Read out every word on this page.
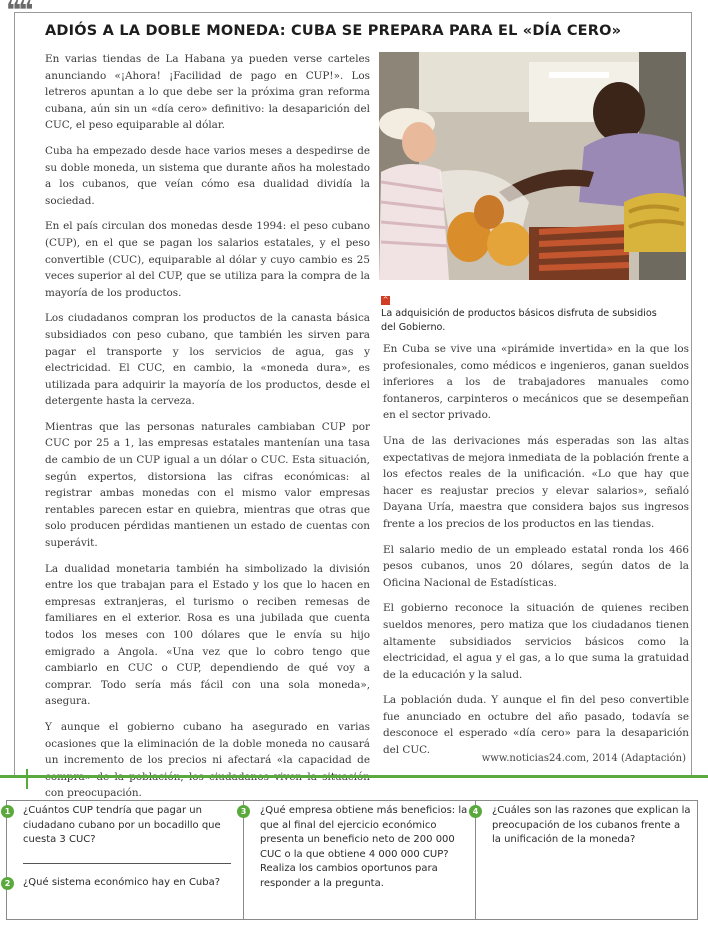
❝❝
ADIÓS A LA DOBLE MONEDA: CUBA SE PREPARA PARA EL «DÍA CERO»

En varias tiendas de La Habana ya pueden verse carteles anunciando «¡Ahora! ¡Facilidad de pago en CUP!». Los letreros apuntan a lo que debe ser la próxima gran reforma cubana, aún sin un «día cero» definitivo: la desaparición del CUC, el peso equiparable al dólar.

Cuba ha empezado desde hace varios meses a despedirse de su doble moneda, un sistema que durante años ha molestado a los cubanos, que veían cómo esa dualidad dividía la sociedad.

En el país circulan dos monedas desde 1994: el peso cubano (CUP), en el que se pagan los salarios estatales, y el peso convertible (CUC), equiparable al dólar y cuyo cambio es 25 veces superior al del CUP, que se utiliza para la compra de la mayoría de los productos.

Los ciudadanos compran los productos de la canasta básica subsidiados con peso cubano, que también les sirven para pagar el transporte y los servicios de agua, gas y electricidad. El CUC, en cambio, la «moneda dura», es utilizada para adquirir la mayoría de los productos, desde el detergente hasta la cerveza.

Mientras que las personas naturales cambiaban CUP por CUC por 25 a 1, las empresas estatales mantenían una tasa de cambio de un CUP igual a un dólar o CUC. Esta situación, según expertos, distorsiona las cifras económicas: al registrar ambas monedas con el mismo valor empresas rentables parecen estar en quiebra, mientras que otras que solo producen pérdidas mantienen un estado de cuentas con superávit.

La dualidad monetaria también ha simbolizado la división entre los que trabajan para el Estado y los que lo hacen en empresas extranjeras, el turismo o reciben remesas de familiares en el exterior. Rosa es una jubilada que cuenta todos los meses con 100 dólares que le envía su hijo emigrado a Angola. «Una vez que lo cobro tengo que cambiarlo en CUC o CUP, dependiendo de qué voy a comprar. Todo sería más fácil con una sola moneda», asegura.

Y aunque el gobierno cubano ha asegurado en varias ocasiones que la eliminación de la doble moneda no causará un incremento de los precios ni afectará «la capacidad de con preocupación.

En Cuba se vive una «pirámide invertida» en la que los profesionales, como médicos e ingenieros, ganan sueldos inferiores a los de trabajadores manuales como fontaneros, carpinteros o mecánicos que se desempeñan en el sector privado.

Una de las derivaciones más esperadas son las altas expectativas de mejora inmediata de la población frente a los efectos reales de la unificación. «Lo que hay que hacer es reajustar precios y elevar salarios», señaló Dayana Uría, maestra que considera bajos sus ingresos frente a los precios de los productos en las tiendas.

El salario medio de un empleado estatal ronda los 466 pesos cubanos, unos 20 dólares, según datos de la Oficina Nacional de Estadísticas.

El gobierno reconoce la situación de quienes reciben sueldos menores, pero matiza que los ciudadanos tienen altamente subsidiados servicios básicos como la electricidad, el agua y el gas, a lo que suma la gratuidad de la educación y la salud.

La población duda. Y aunque el fin del peso convertible fue anunciado en octubre del año pasado, todavía se desconoce el esperado «día cero» para la desaparición del CUC.

^
La adquisición de productos básicos disfruta de subsidios del Gobierno.
www.noticias24.com, 2014 (Adaptación)
1	¿Cuántos CUP tendría que pagar un ciudadano cubano por un bocadillo que cuesta 3 CUC?
2	¿Qué sistema económico hay en Cuba?
3	¿Qué empresa obtiene más beneficios: la que al final del ejercicio económico presenta un beneficio neto de 200 000 CUC o la que obtiene 4 000 000 CUP? Realiza los cambios oportunos para responder a la pregunta.
4	¿Cuáles son las razones que explican la preocupación de los cubanos frente a la unificación de la moneda?
